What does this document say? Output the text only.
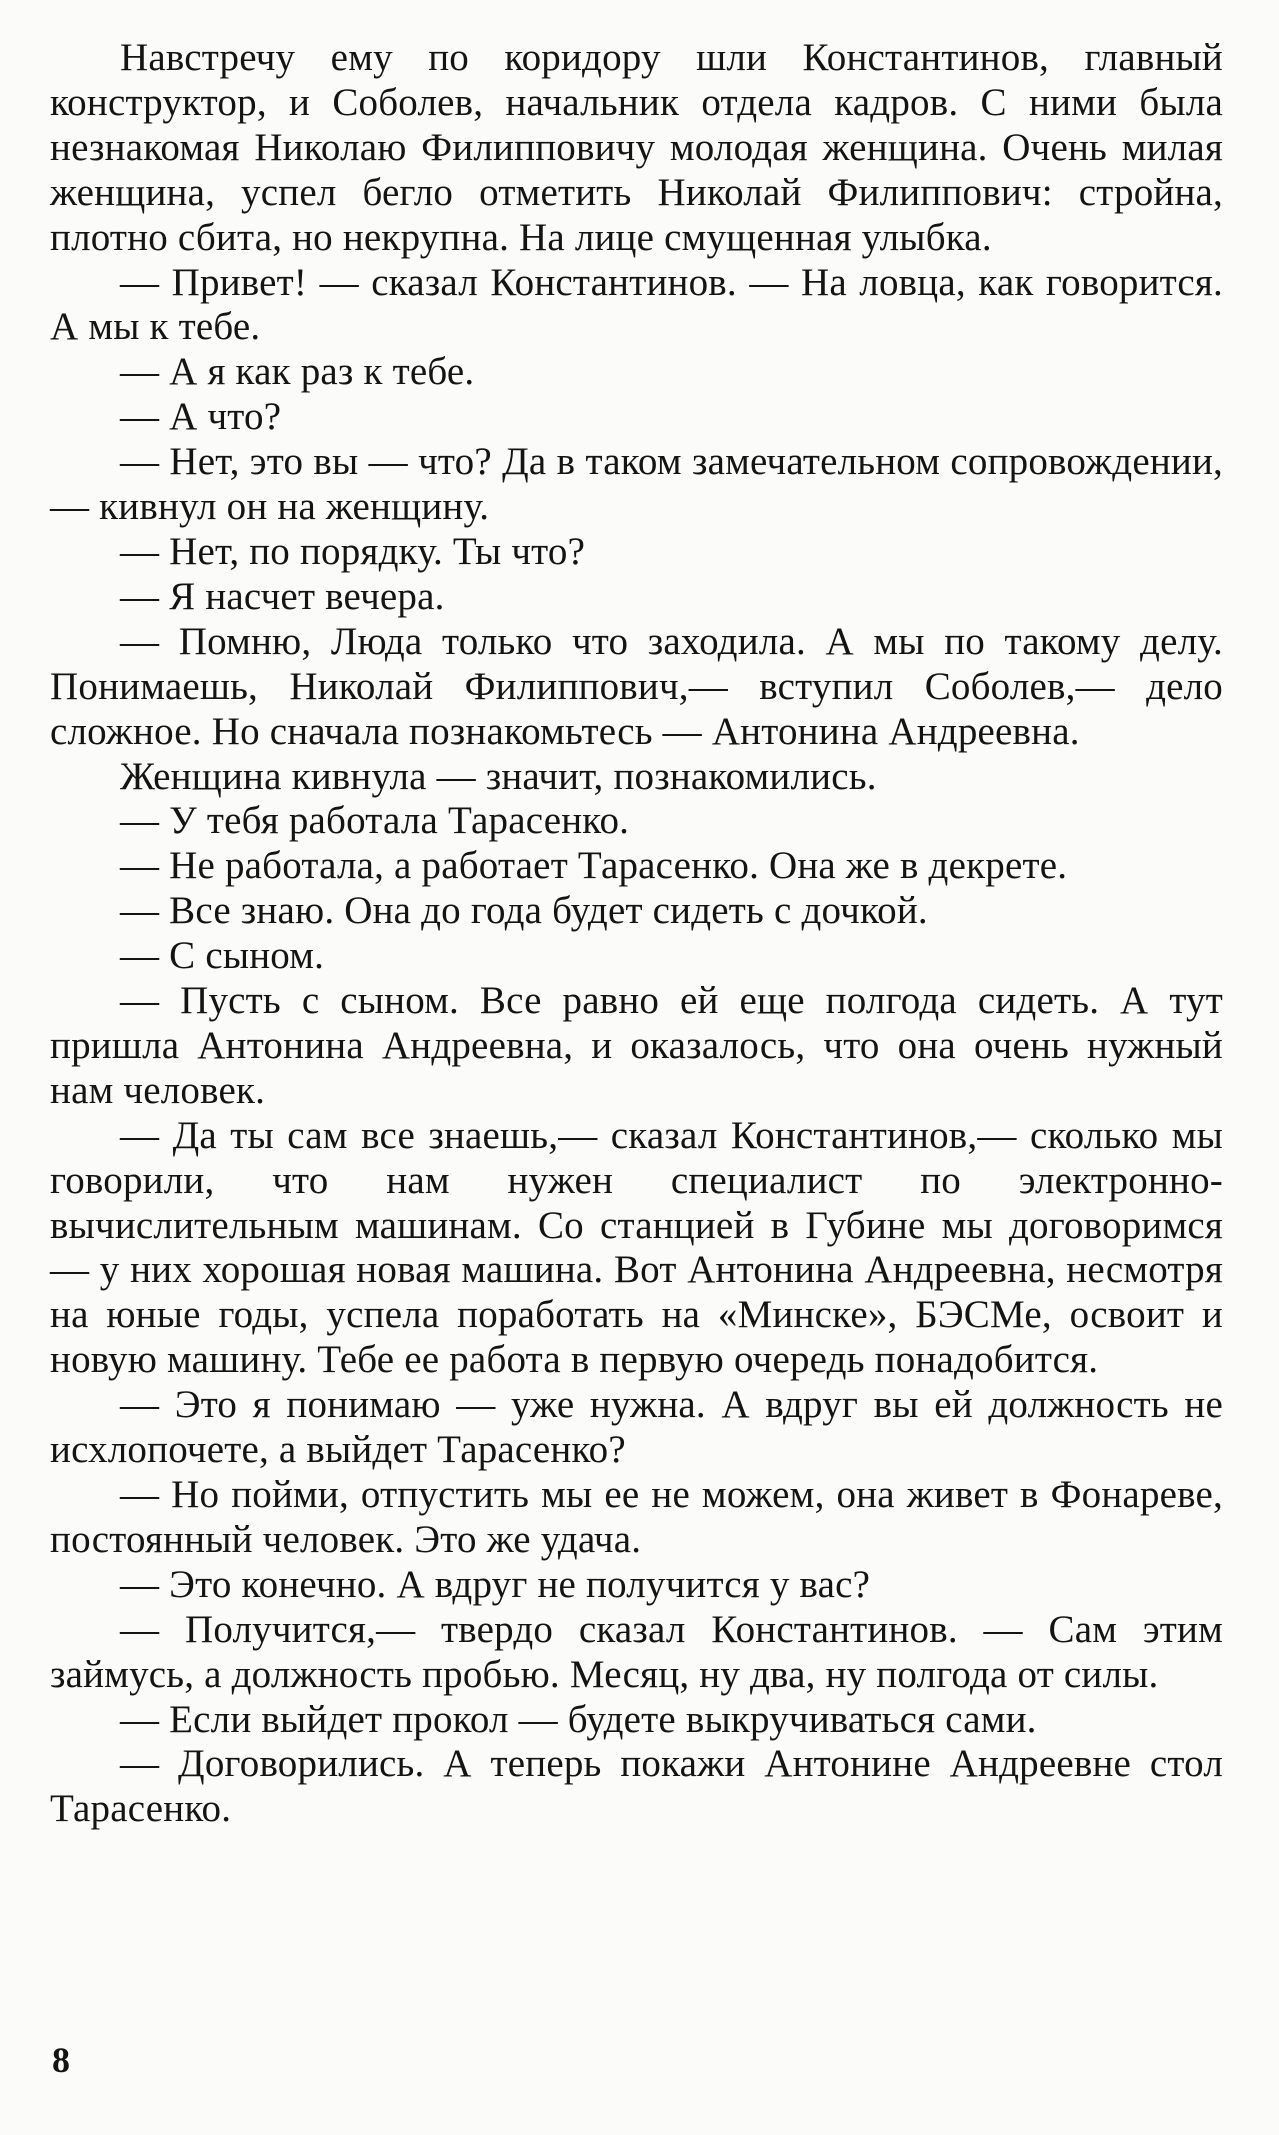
Навстречу ему по коридору шли Константинов, главный конструктор, и Соболев, начальник отдела кадров. С ними была незнакомая Николаю Филипповичу молодая женщина. Очень милая женщина, успел бегло отметить Николай Филиппович: стройна, плотно сбита, но некрупна. На лице смущенная улыбка.

— Привет! — сказал Константинов. — На ловца, как говорится. А мы к тебе.

— А я как раз к тебе.

— А что?

— Нет, это вы — что? Да в таком замечательном сопровождении,— кивнул он на женщину.

— Нет, по порядку. Ты что?

— Я насчет вечера.

— Помню, Люда только что заходила. А мы по такому делу. Понимаешь, Николай Филиппович,— вступил Соболев,— дело сложное. Но сначала познакомьтесь — Антонина Андреевна.

Женщина кивнула — значит, познакомились.

— У тебя работала Тарасенко.

— Не работала, а работает Тарасенко. Она же в декрете.

— Все знаю. Она до года будет сидеть с дочкой.

— С сыном.

— Пусть с сыном. Все равно ей еще полгода сидеть. А тут пришла Антонина Андреевна, и оказалось, что она очень нужный нам человек.

— Да ты сам все знаешь,— сказал Константинов,— сколько мы говорили, что нам нужен специалист по электронно-вычислительным машинам. Со станцией в Губине мы договоримся — у них хорошая новая машина. Вот Антонина Андреевна, несмотря на юные годы, успела поработать на «Минске», БЭСМе, освоит и новую машину. Тебе ее работа в первую очередь понадобится.

— Это я понимаю — уже нужна. А вдруг вы ей должность не исхлопочете, а выйдет Тарасенко?

— Но пойми, отпустить мы ее не можем, она живет в Фонареве, постоянный человек. Это же удача.

— Это конечно. А вдруг не получится у вас?

— Получится,— твердо сказал Константинов. — Сам этим займусь, а должность пробью. Месяц, ну два, ну полгода от силы.

— Если выйдет прокол — будете выкручиваться сами.

— Договорились. А теперь покажи Антонине Андреевне стол Тарасенко.

8
